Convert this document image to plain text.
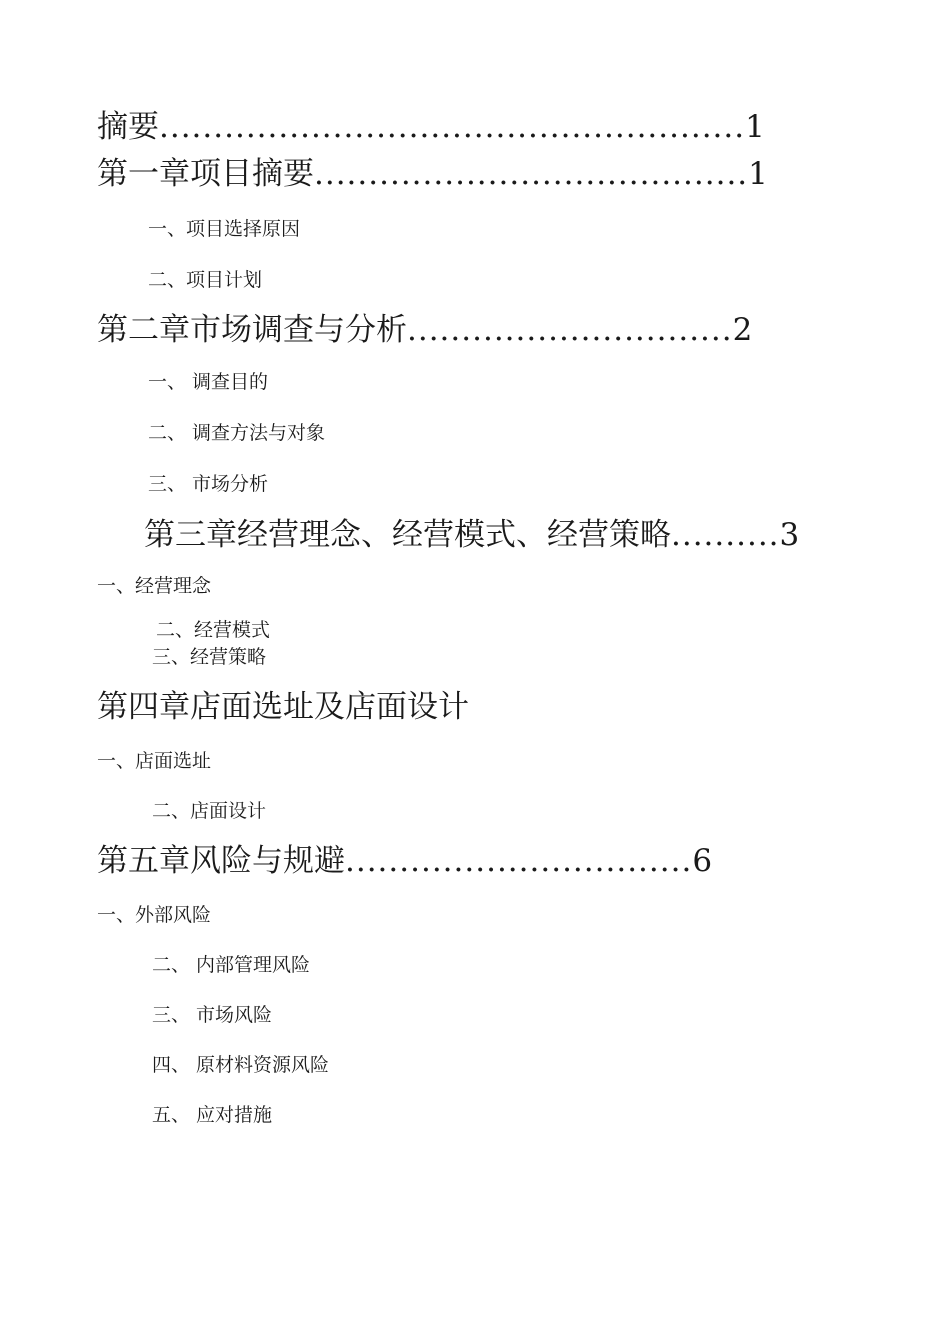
摘要......................................................1
第一章项目摘要........................................1
一、项目选择原因
二、项目计划
第二章市场调查与分析..............................2
一、 调查目的
二、 调查方法与对象
三、 市场分析
第三章经营理念、经营模式、经营策略..........3
一、经营理念
二、经营模式
三、经营策略
第四章店面选址及店面设计
一、店面选址
二、店面设计
第五章风险与规避................................6
一、外部风险
二、 内部管理风险
三、 市场风险
四、 原材料资源风险
五、 应对措施
